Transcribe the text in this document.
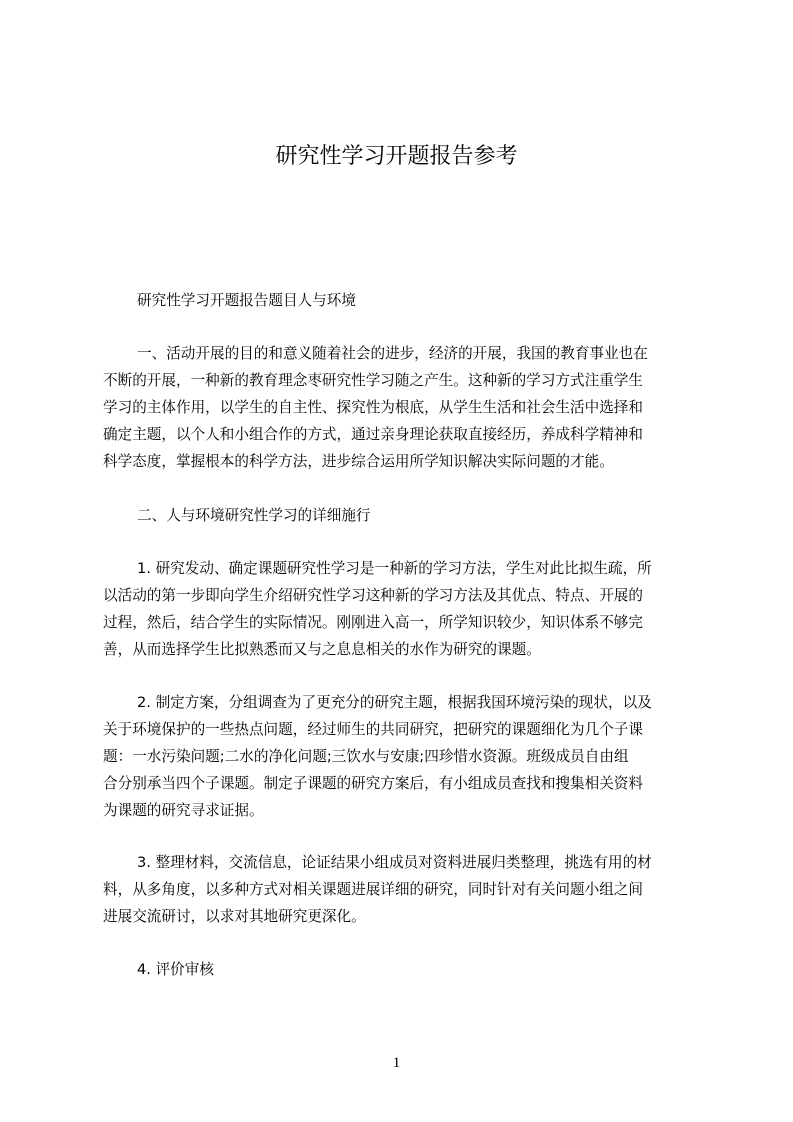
研究性学习开题报告参考
研究性学习开题报告题目人与环境
一、活动开展的目的和意义随着社会的进步，经济的开展，我国的教育事业也在
不断的开展，一种新的教育理念枣研究性学习随之产生。这种新的学习方式注重学生
学习的主体作用，以学生的自主性、探究性为根底，从学生生活和社会生活中选择和
确定主题，以个人和小组合作的方式，通过亲身理论获取直接经历，养成科学精神和
科学态度，掌握根本的科学方法，进步综合运用所学知识解决实际问题的才能。
二、人与环境研究性学习的详细施行
1. 研究发动、确定课题研究性学习是一种新的学习方法，学生对此比拟生疏，所
以活动的第一步即向学生介绍研究性学习这种新的学习方法及其优点、特点、开展的
过程，然后，结合学生的实际情况。刚刚进入高一，所学知识较少，知识体系不够完
善，从而选择学生比拟熟悉而又与之息息相关的水作为研究的课题。
2. 制定方案，分组调查为了更充分的研究主题，根据我国环境污染的现状，以及
关于环境保护的一些热点问题，经过师生的共同研究，把研究的课题细化为几个子课
题：一水污染问题;二水的净化问题;三饮水与安康;四珍惜水资源。班级成员自由组
合分别承当四个子课题。制定子课题的研究方案后，有小组成员查找和搜集相关资料
为课题的研究寻求证据。
3. 整理材料，交流信息，论证结果小组成员对资料进展归类整理，挑选有用的材
料，从多角度，以多种方式对相关课题进展详细的研究，同时针对有关问题小组之间
进展交流研讨，以求对其地研究更深化。
4. 评价审核
1
